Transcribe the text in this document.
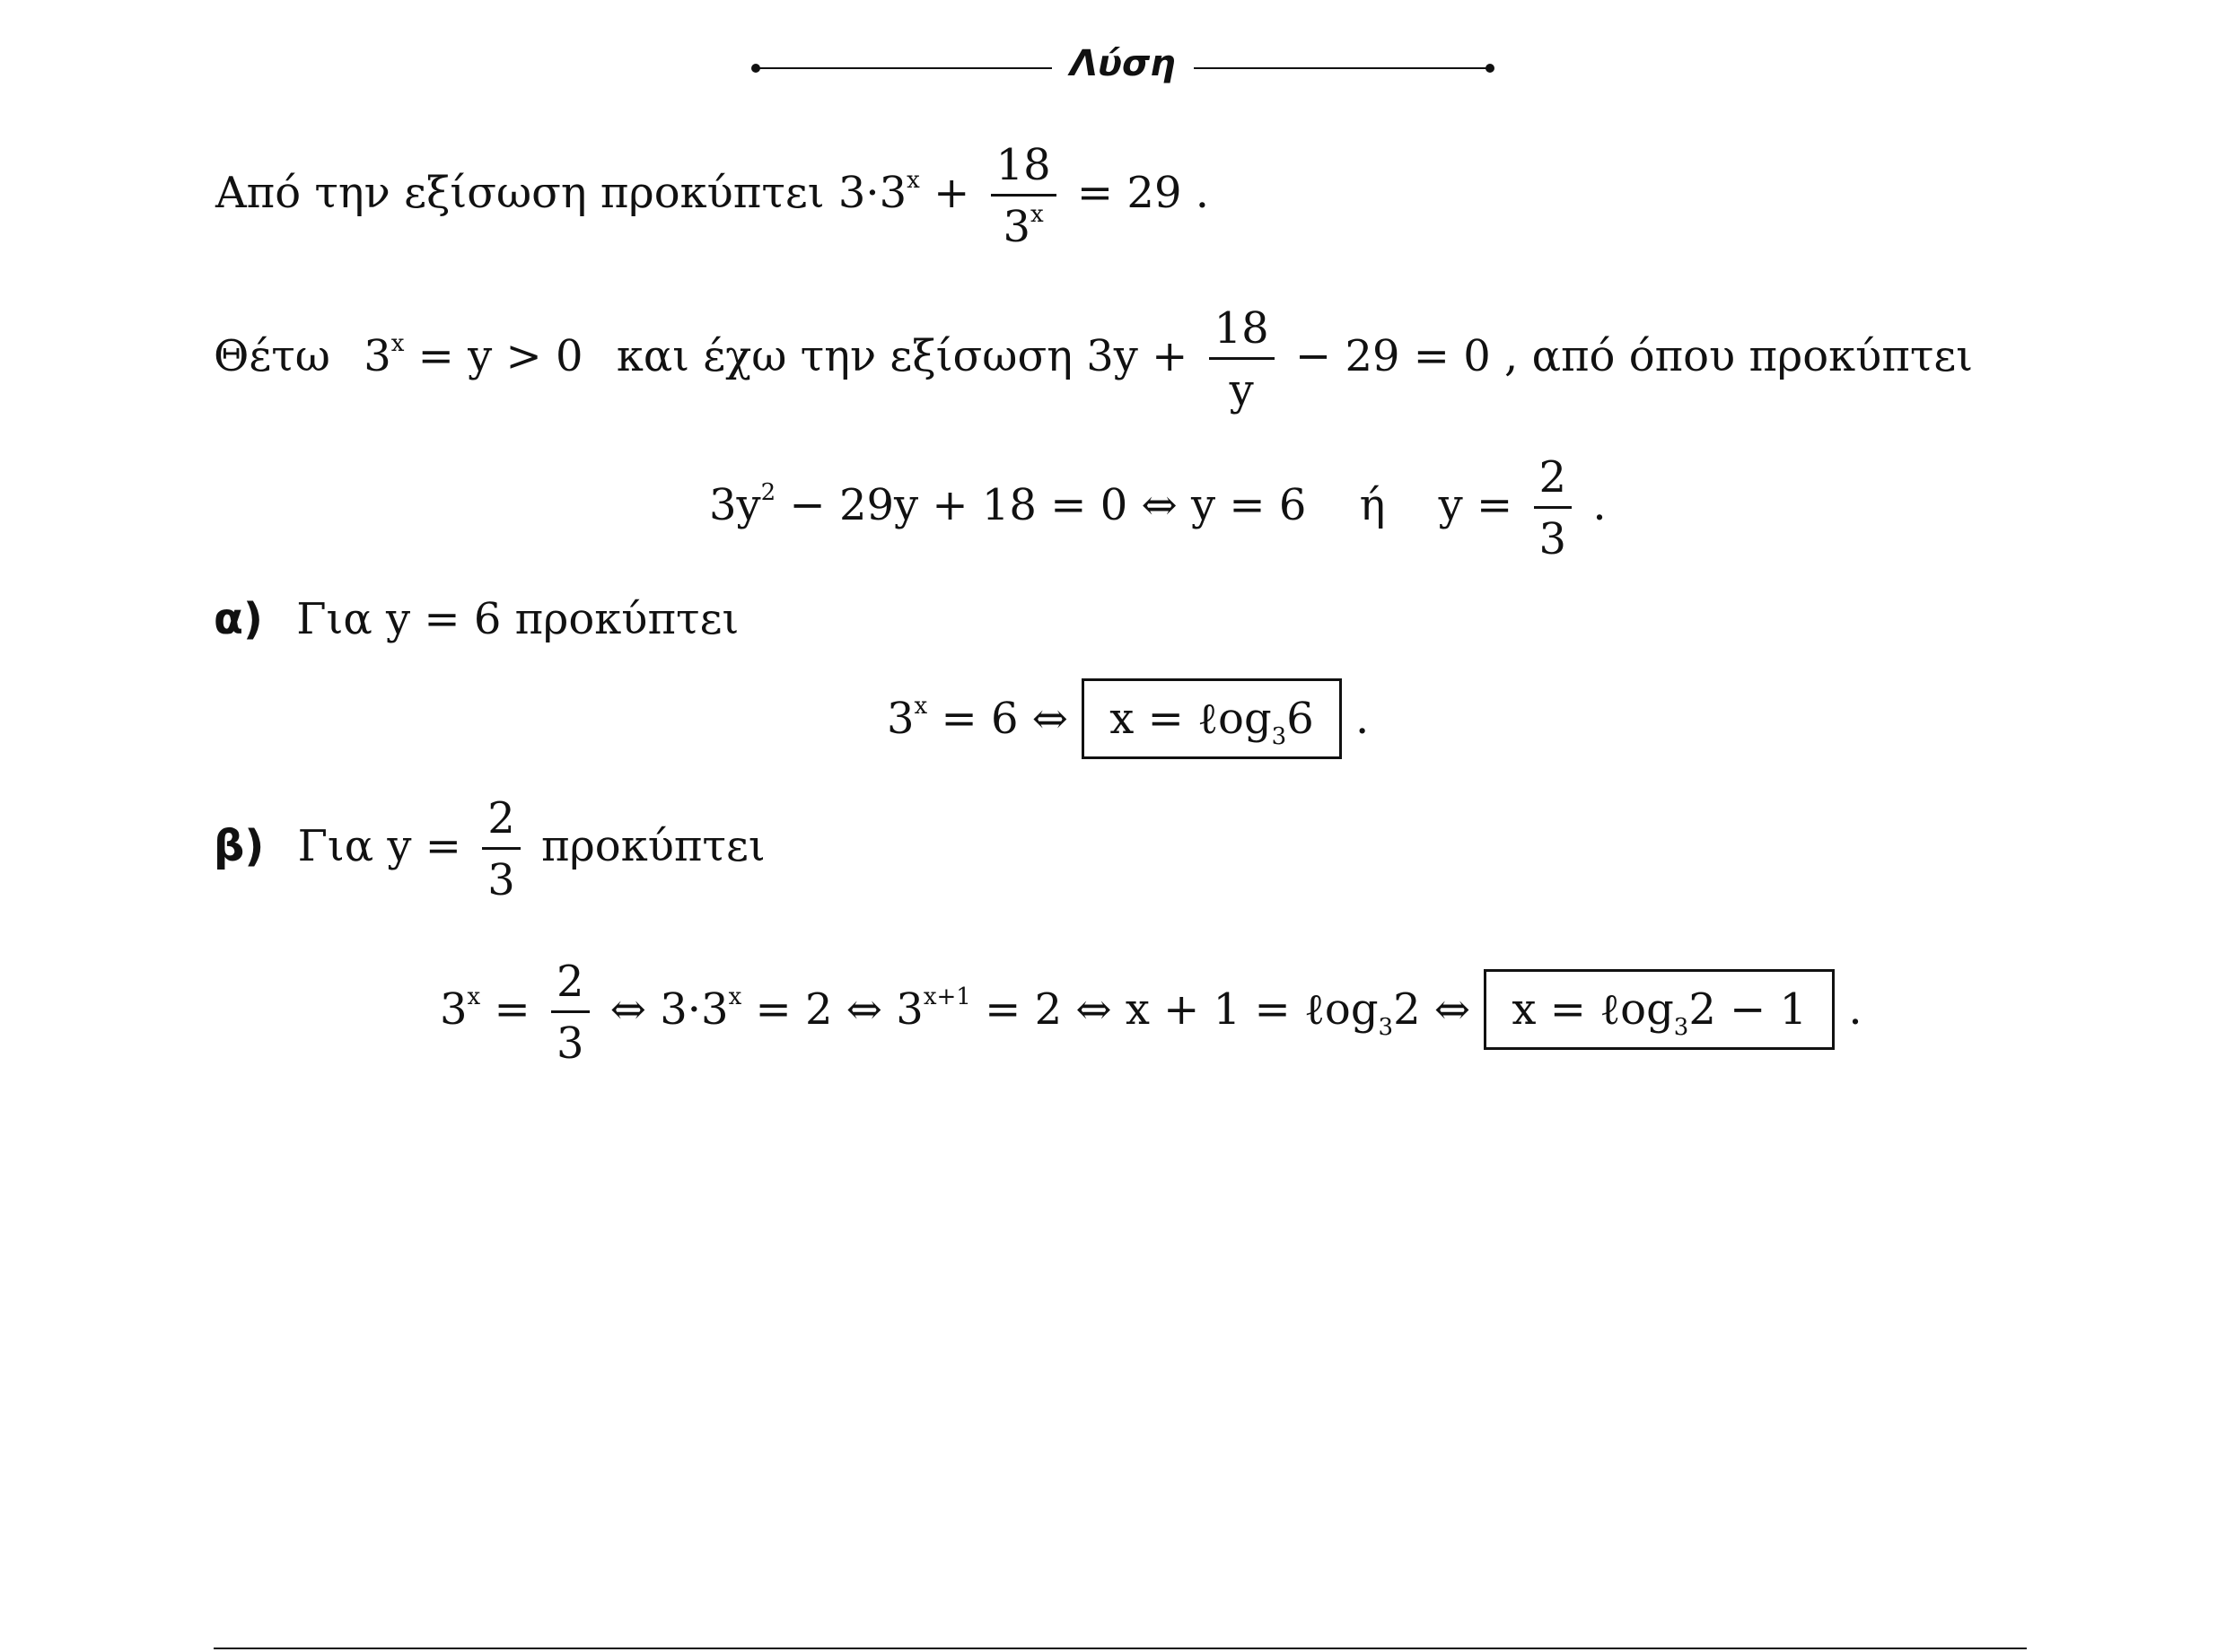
Λύση
Από την εξίσωση προκύπτει $3\cdot 3^x + \frac{18}{3^x} = 29$ .
Θέτω $3^x = y > 0$ και έχω την εξίσωση $3y + \frac{18}{y} - 29 = 0$ , από όπου προκύπτει
$3y^2 - 29y + 18 = 0$ ⇔ y = 6 ή $y = \frac{2}{3}$ .
α) Για y = 6 προκύπτει
$3^x = 6$ ⇔ x = ℓog$_3$6 .
β) Για $y = \frac{2}{3}$ προκύπτει
$3^x = \frac{2}{3}$ ⇔ $3\cdot 3^x = 2$ ⇔ $3^{x+1} = 2$ ⇔ x + 1 = ℓog$_3$2 ⇔ x = ℓog$_3$2 − 1 .
